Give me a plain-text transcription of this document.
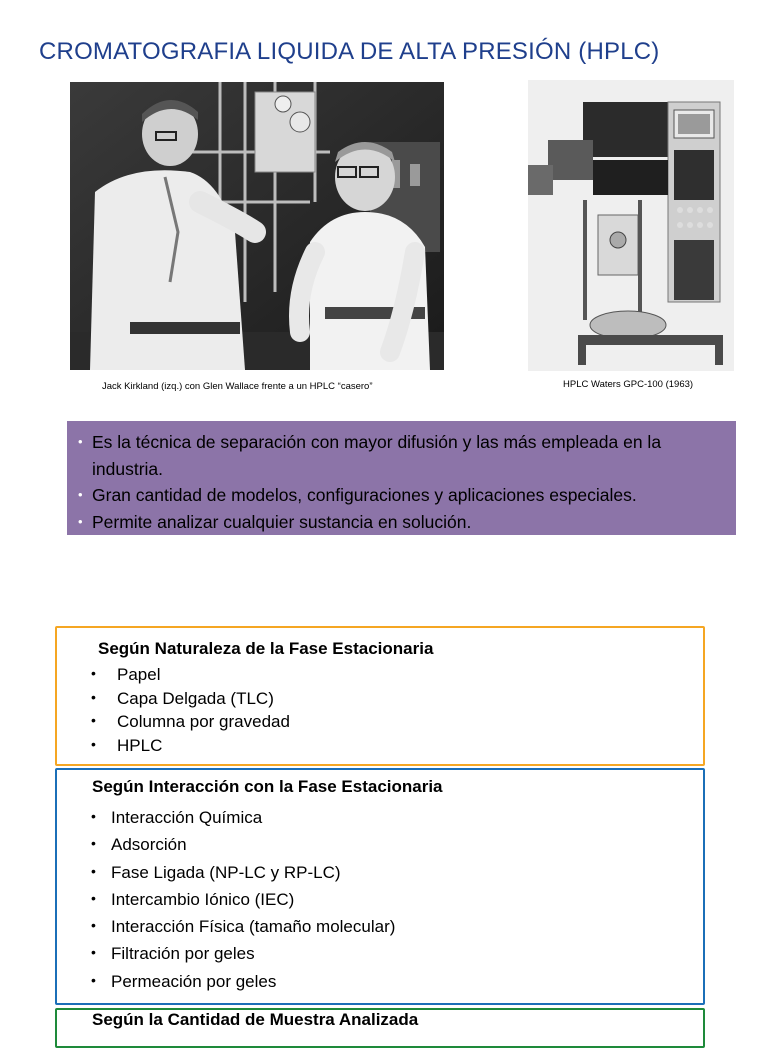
CROMATOGRAFIA LIQUIDA DE ALTA PRESIÓN (HPLC)
Jack Kirkland (izq.) con Glen Wallace frente a un HPLC “casero”	HPLC Waters GPC-100 (1963)
• Es la técnica de separación con mayor difusión y las más empleada en la industria.
• Gran cantidad de modelos, configuraciones y aplicaciones especiales.
• Permite analizar cualquier sustancia en solución.
Según Naturaleza de la Fase Estacionaria
• Papel
• Capa Delgada (TLC)
• Columna por gravedad
• HPLC
Según Interacción con la Fase Estacionaria
• Interacción Química
• Adsorción
• Fase Ligada (NP-LC y RP-LC)
• Intercambio Iónico (IEC)
• Interacción Física (tamaño molecular)
• Filtración por geles
• Permeación por geles
Según la Cantidad de Muestra Analizada
